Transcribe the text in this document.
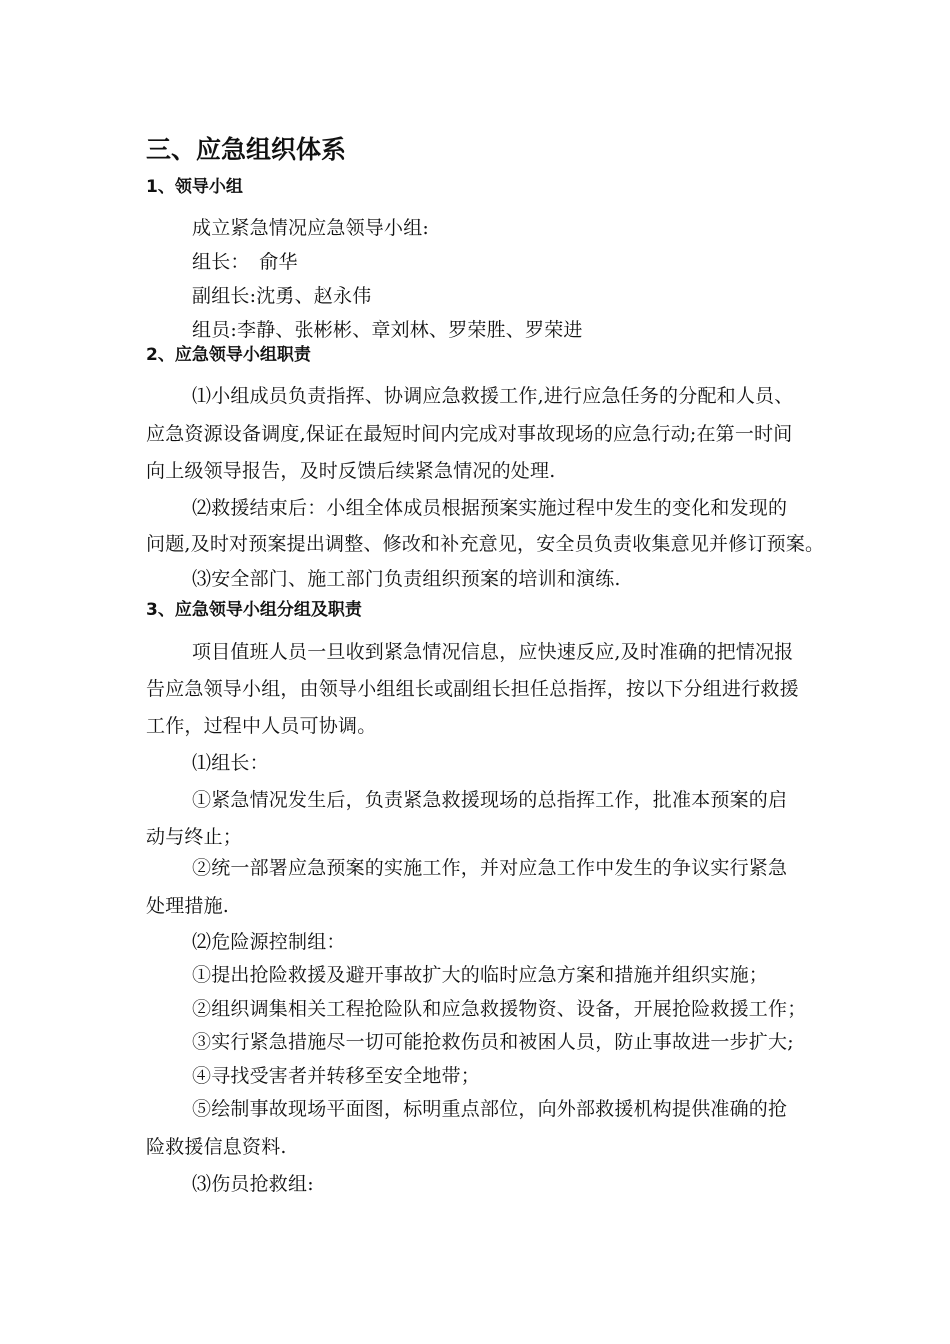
三、应急组织体系
1、领导小组
成立紧急情况应急领导小组:
组长：　俞华
副组长:沈勇、赵永伟
组员:李静、张彬彬、章刘林、罗荣胜、罗荣进
2、应急领导小组职责
⑴小组成员负责指挥、协调应急救援工作,进行应急任务的分配和人员、
应急资源设备调度,保证在最短时间内完成对事故现场的应急行动;在第一时间
向上级领导报告，及时反馈后续紧急情况的处理.
⑵救援结束后：小组全体成员根据预案实施过程中发生的变化和发现的
问题,及时对预案提出调整、修改和补充意见，安全员负责收集意见并修订预案。
⑶安全部门、施工部门负责组织预案的培训和演练.
3、应急领导小组分组及职责
项目值班人员一旦收到紧急情况信息，应快速反应,及时准确的把情况报
告应急领导小组，由领导小组组长或副组长担任总指挥，按以下分组进行救援
工作，过程中人员可协调。
⑴组长：
①紧急情况发生后，负责紧急救援现场的总指挥工作，批准本预案的启
动与终止；
②统一部署应急预案的实施工作，并对应急工作中发生的争议实行紧急
处理措施.
⑵危险源控制组：
①提出抢险救援及避开事故扩大的临时应急方案和措施并组织实施；
②组织调集相关工程抢险队和应急救援物资、设备，开展抢险救援工作；
③实行紧急措施尽一切可能抢救伤员和被困人员，防止事故进一步扩大;
④寻找受害者并转移至安全地带；
⑤绘制事故现场平面图，标明重点部位，向外部救援机构提供准确的抢
险救援信息资料.
⑶伤员抢救组:
